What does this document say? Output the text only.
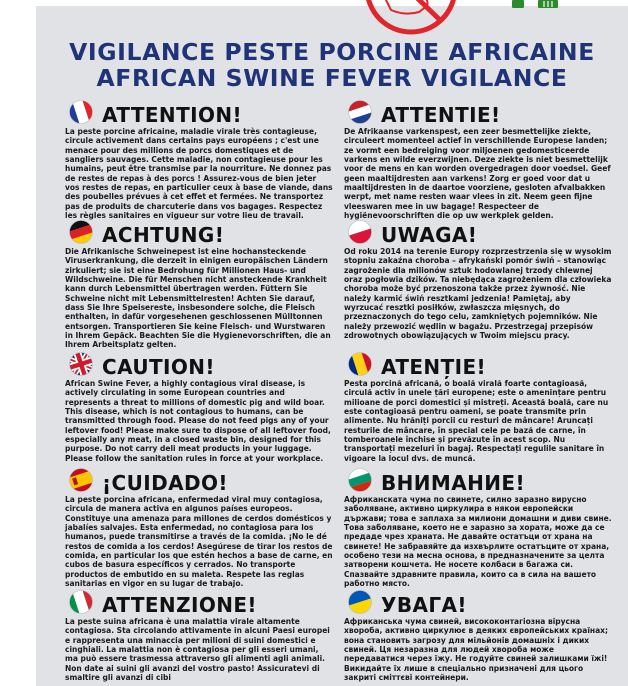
VIGILANCE PESTE PORCINE AFRICAINE
AFRICAN SWINE FEVER VIGILANCE
ATTENTION!
La peste porcine africaine, maladie virale très contagieuse, circule activement dans certains pays européens ; c'est une menace pour des millions de porcs domestiques et de sangliers sauvages. Cette maladie, non contagieuse pour les humains, peut être transmise par la nourriture. Ne donnez pas de restes de repas à des porcs ! Assurez-vous de bien jeter vos restes de repas, en particulier ceux à base de viande, dans des poubelles prévues à cet effet et fermées. Ne transportez pas de produits de charcuterie dans vos bagages. Respectez les règles sanitaires en vigueur sur votre lieu de travail.
ATTENTIE!
De Afrikaanse varkenspest, een zeer besmettelijke ziekte, circuleert momenteel actief in verschillende Europese landen; ze vormt een bedreiging voor miljoenen gedomesticeerde varkens en wilde everzwijnen. Deze ziekte is niet besmettelijk voor de mens en kan worden overgedragen door voedsel. Geef geen maaltijdresten aan varkens! Zorg er goed voor dat u maaltijdresten in de daartoe voorziene, gesloten afvalbakken werpt, met name resten waar vlees in zit. Neem geen fijne vleeswaren mee in uw bagage! Respecteer de hygiënevoorschriften die op uw werkplek gelden.
ACHTUNG!
Die Afrikanische Schweinepest ist eine hochansteckende Viruserkrankung, die derzeit in einigen europäischen Ländern zirkuliert; sie ist eine Bedrohung für Millionen Haus- und Wildschweine. Die für Menschen nicht ansteckende Krankheit kann durch Lebensmittel übertragen werden. Füttern Sie Schweine nicht mit Lebensmittelresten! Achten Sie darauf, dass Sie Ihre Speisereste, insbesondere solche, die Fleisch enthalten, in dafür vorgesehenen geschlossenen Mülltonnen entsorgen. Transportieren Sie keine Fleisch- und Wurstwaren in Ihrem Gepäck. Beachten Sie die Hygienevorschriften, die an Ihrem Arbeitsplatz gelten.
UWAGA!
Od roku 2014 na terenie Europy rozprzestrzenia się w wysokim stopniu zakaźna choroba – afrykański pomór świń – stanowiąc zagrożenie dla milionów sztuk hodowlanej trzody chlewnej oraz pogłowia dzików. Ta niebędąca zagrożeniem dla człowieka choroba może być przenoszona także przez żywność. Nie należy karmić świń resztkami jedzenia! Pamiętaj, aby wyrzucać resztki posiłków, zwłaszcza mięsnych, do przeznaczonych do tego celu, zamkniętych pojemników. Nie należy przewozić wędlin w bagażu. Przestrzegaj przepisów zdrowotnych obowiązujących w Twoim miejscu pracy.
CAUTION!
African Swine Fever, a highly contagious viral disease, is actively circulating in some European countries and represents a threat to millions of domestic pig and wild boar. This disease, which is not contagious to humans, can be transmitted through food. Please do not feed pigs any of your leftover food! Please make sure to dispose of all leftover food, especially any meat, in a closed waste bin, designed for this purpose. Do not carry deli meat products in your luggage. Please follow the sanitation rules in force at your workplace.
ATENȚIE!
Pesta porcină africană, o boală virală foarte contagioasă, circulă activ în unele țări europene; este o amenințare pentru milioane de porci domestici și mistreți. Această boală, care nu este contagioasă pentru oameni, se poate transmite prin alimente. Nu hrăniți porcii cu resturi de mâncare! Aruncați resturile de mâncare, în special cele pe bază de carne, în tomberoanele închise și prevăzute în acest scop. Nu transportați mezeluri în bagaj. Respectați regulile sanitare în vigoare la locul dvs. de muncă.
¡CUIDADO!
La peste porcina africana, enfermedad viral muy contagiosa, circula de manera activa en algunos países europeos. Constituye una amenaza para millones de cerdos domésticos y jabalíes salvajes. Esta enfermedad, no contagiosa para los humanos, puede transmitirse a través de la comida. ¡No le dé restos de comida a los cerdos! Asegúrese de tirar los restos de comida, en particular los que estén hechos a base de carne, en cubos de basura específicos y cerrados. No transporte productos de embutido en su maleta. Respete las reglas sanitarias en vigor en su lugar de trabajo.
ВНИМАНИЕ!
Африканската чума по свинете, силно заразно вирусно заболяване, активно циркулира в някои европейски държави; това е заплаха за милиони домашни и диви свине. Това заболяване, което не е заразно за хората, може да се предаде чрез храната. Не давайте остатъци от храна на свинете! Не забравяйте да изхвърлите остатъците от храна, особено тези на месна основа, в предназначените за целта затворени кошчета. Не носете колбаси в багажа си. Спазвайте здравните правила, които са в сила на вашето работно място.
ATTENZIONE!
La peste suina africana è una malattia virale altamente contagiosa. Sta circolando attivamente in alcuni Paesi europei e rappresenta una minaccia per milioni di suini domestici e cinghiali. La malattia non è contagiosa per gli esseri umani, ma può essere trasmessa attraverso gli alimenti agli animali. Non date ai suini gli avanzi del vostro pasto! Assicuratevi di smaltire gli avanzi di cibi
УВАГА!
Африканська чума свиней, висококонтагіозна вірусна хвороба, активно циркулює в деяких європейських країнах; вона становить загрозу для мільйонів домашніх і диких свиней. Ця незаразна для людей хвороба може передаватися через їжу. Не годуйте свиней залишками їжі! Викидайте їх лише в спеціально призначені для цього закриті сміттєві контейнери.
